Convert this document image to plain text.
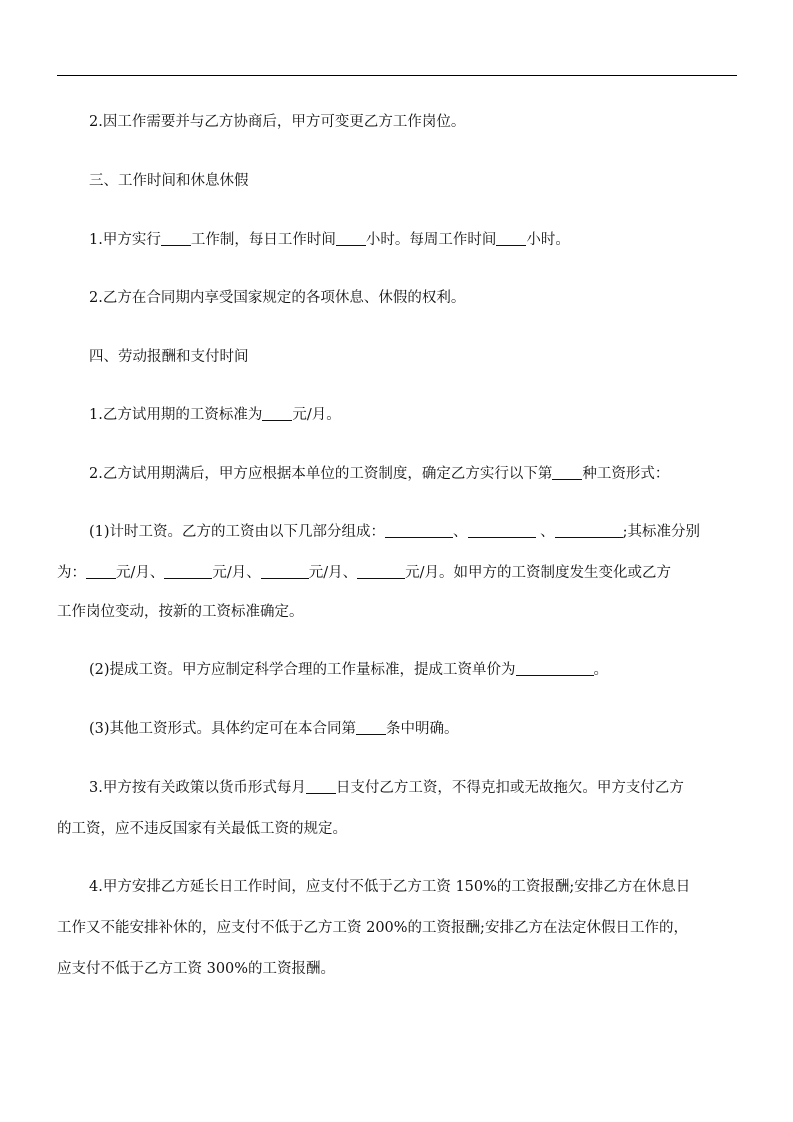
2.因工作需要并与乙方协商后，甲方可变更乙方工作岗位。
三、工作时间和休息休假
1.甲方实行 工作制，每日工作时间 小时。每周工作时间 小时。
2.乙方在合同期内享受国家规定的各项休息、休假的权利。
四、劳动报酬和支付时间
1.乙方试用期的工资标准为 元/月。
2.乙方试用期满后，甲方应根据本单位的工资制度，确定乙方实行以下第 种工资形式：
(1)计时工资。乙方的工资由以下几部分组成：	、	、	;其标准分别
为： 元/月、	元/月、	元/月、	元/月。如甲方的工资制度发生变化或乙方
工作岗位变动，按新的工资标准确定。
(2)提成工资。甲方应制定科学合理的工作量标准，提成工资单价为	。
(3)其他工资形式。具体约定可在本合同第 条中明确。
3.甲方按有关政策以货币形式每月 日支付乙方工资，不得克扣或无故拖欠。甲方支付乙方
的工资，应不违反国家有关最低工资的规定。
4.甲方安排乙方延长日工作时间，应支付不低于乙方工资 150%的工资报酬;安排乙方在休息日
工作又不能安排补休的，应支付不低于乙方工资 200%的工资报酬;安排乙方在法定休假日工作的，
应支付不低于乙方工资 300%的工资报酬。
